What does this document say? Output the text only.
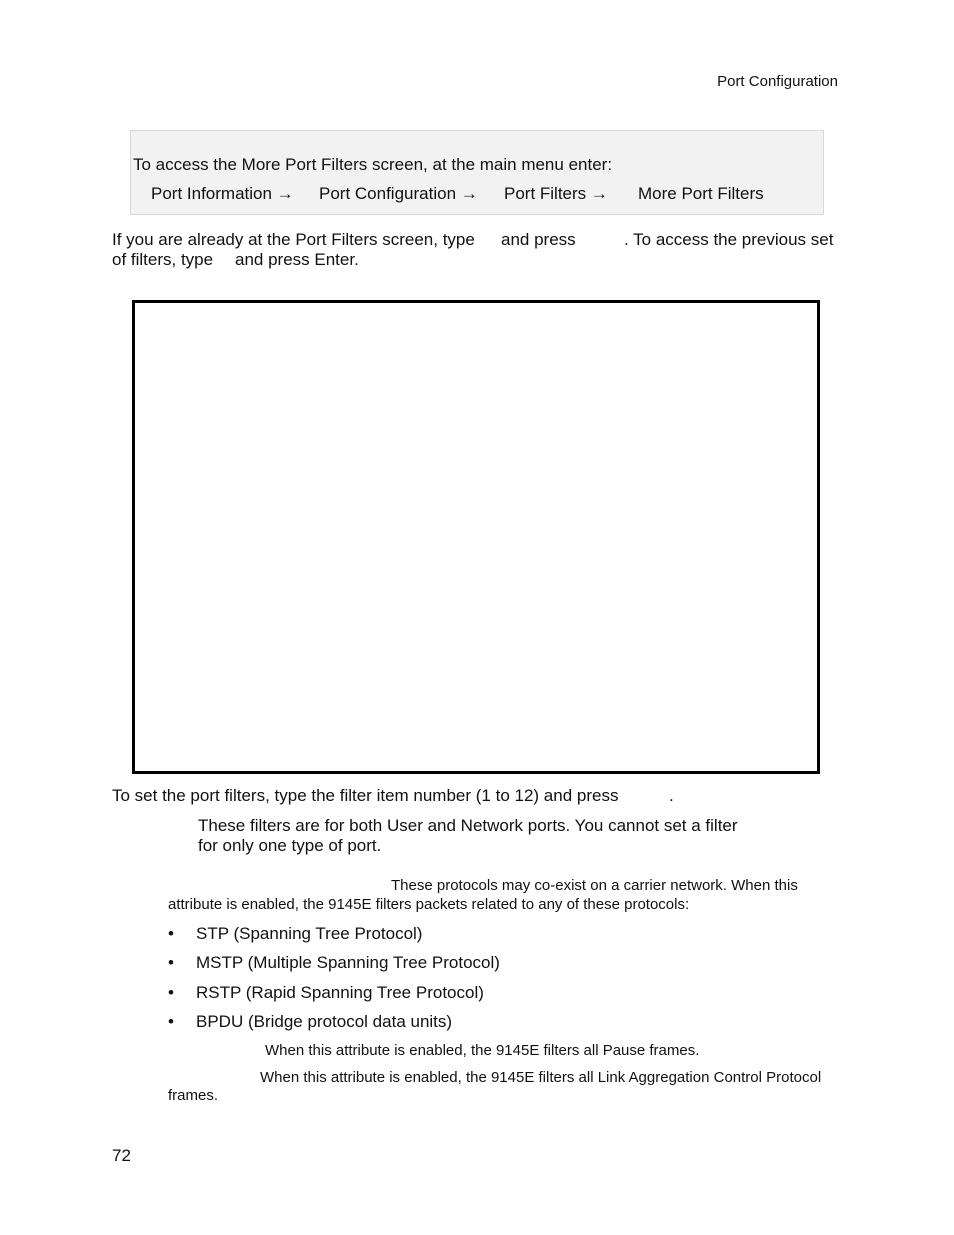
Port Configuration
To access the More Port Filters screen, at the main menu enter:
Port Information → Port Configuration → Port Filters → More Port Filters
If you are already at the Port Filters screen, type and press	. To access the previous set
of filters, type and press Enter.
To set the port filters, type the filter item number (1 to 12) and press	.
These filters are for both User and Network ports. You cannot set a filter
for only one type of port.
These protocols may co-exist on a carrier network. When this
attribute is enabled, the 9145E filters packets related to any of these protocols:
• STP (Spanning Tree Protocol)
• MSTP (Multiple Spanning Tree Protocol)
• RSTP (Rapid Spanning Tree Protocol)
• BPDU (Bridge protocol data units)
When this attribute is enabled, the 9145E filters all Pause frames.
When this attribute is enabled, the 9145E filters all Link Aggregation Control Protocol
frames.
72
